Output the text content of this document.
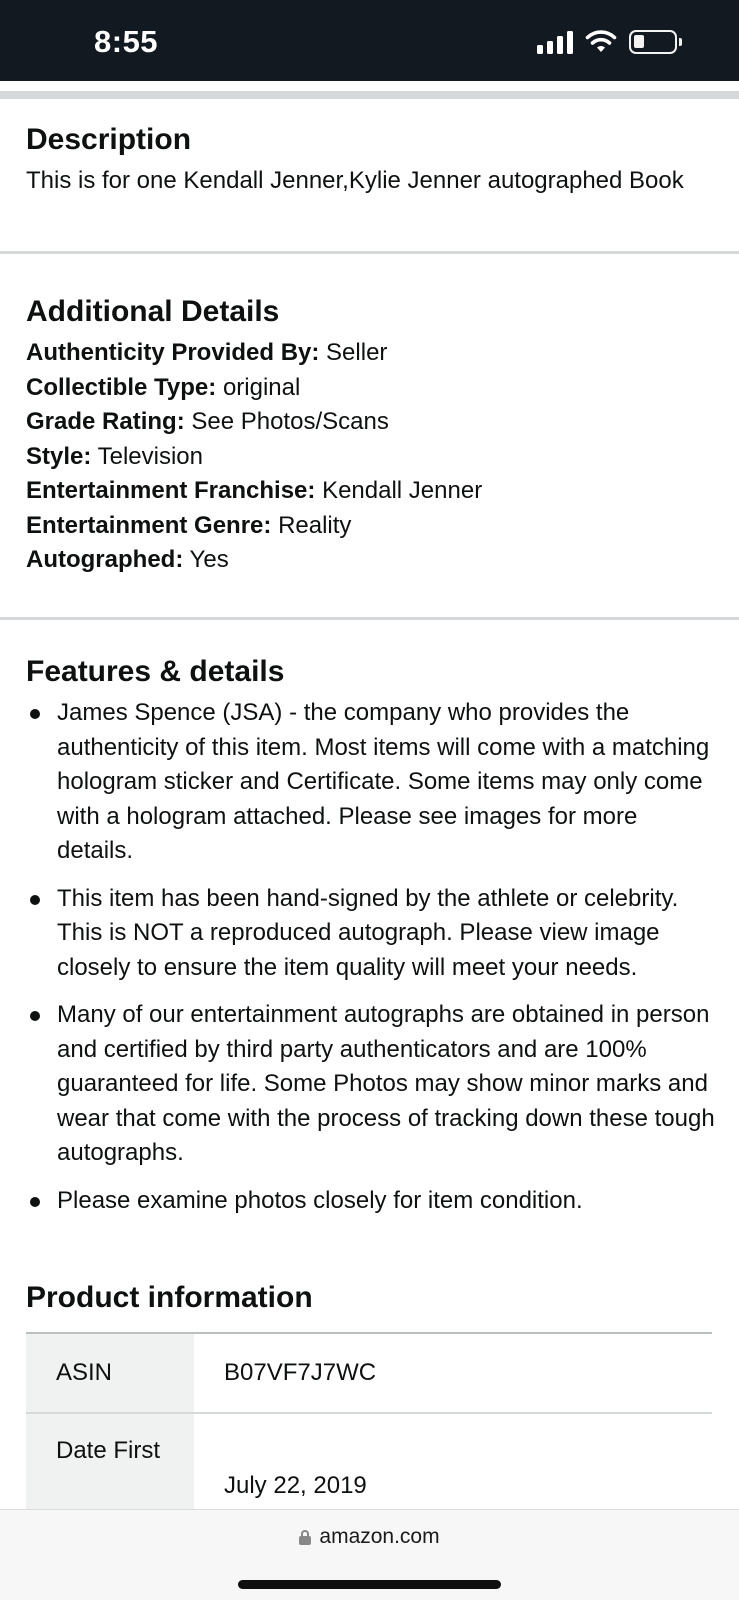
8:55
Description
This is for one Kendall Jenner,Kylie Jenner autographed Book
Additional Details
Authenticity Provided By: Seller
Collectible Type: original
Grade Rating: See Photos/Scans
Style: Television
Entertainment Franchise: Kendall Jenner
Entertainment Genre: Reality
Autographed: Yes
Features & details
James Spence (JSA) - the company who provides the authenticity of this item. Most items will come with a matching hologram sticker and Certificate. Some items may only come with a hologram attached. Please see images for more details.
This item has been hand-signed by the athlete or celebrity. This is NOT a reproduced autograph. Please view image closely to ensure the item quality will meet your needs.
Many of our entertainment autographs are obtained in person and certified by third party authenticators and are 100% guaranteed for life. Some Photos may show minor marks and wear that come with the process of tracking down these tough autographs.
Please examine photos closely for item condition.
Product information
ASIN	B07VF7J7WC
Date First
July 22, 2019
amazon.com
